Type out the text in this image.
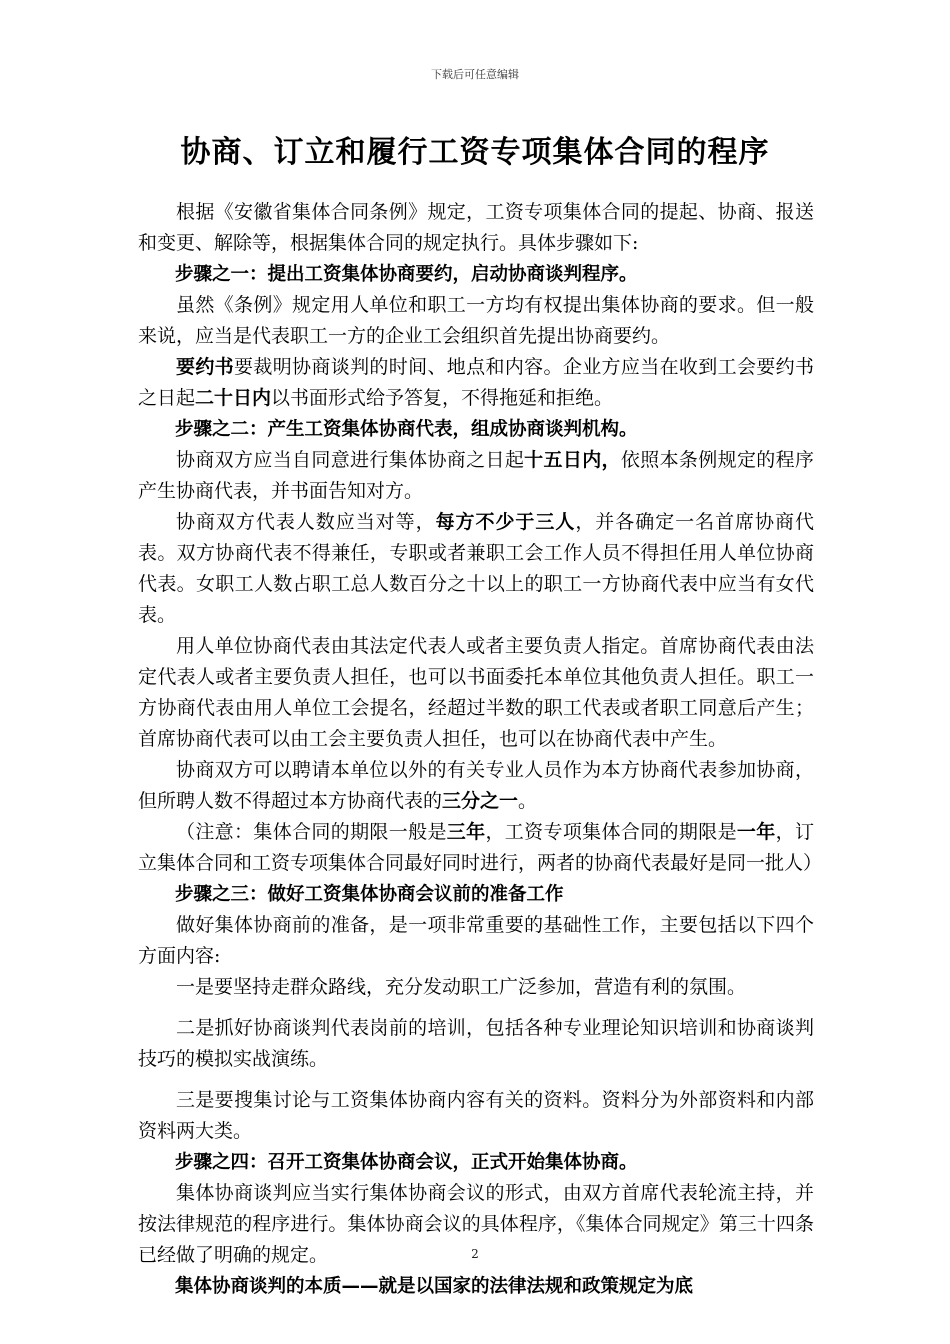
下载后可任意编辑
协商、订立和履行工资专项集体合同的程序

根据《安徽省集体合同条例》规定，工资专项集体合同的提起、协商、报送和变更、解除等，根据集体合同的规定执行。具体步骤如下:

步骤之一：提出工资集体协商要约，启动协商谈判程序。

虽然《条例》规定用人单位和职工一方均有权提出集体协商的要求。但一般来说，应当是代表职工一方的企业工会组织首先提出协商要约。

要约书要裁明协商谈判的时间、地点和内容。企业方应当在收到工会要约书之日起二十日内以书面形式给予答复，不得拖延和拒绝。

步骤之二：产生工资集体协商代表，组成协商谈判机构。

协商双方应当自同意进行集体协商之日起十五日内，依照本条例规定的程序产生协商代表，并书面告知对方。

协商双方代表人数应当对等，每方不少于三人，并各确定一名首席协商代表。双方协商代表不得兼任，专职或者兼职工会工作人员不得担任用人单位协商代表。女职工人数占职工总人数百分之十以上的职工一方协商代表中应当有女代表。

用人单位协商代表由其法定代表人或者主要负责人指定。首席协商代表由法定代表人或者主要负责人担任，也可以书面委托本单位其他负责人担任。职工一方协商代表由用人单位工会提名，经超过半数的职工代表或者职工同意后产生；首席协商代表可以由工会主要负责人担任，也可以在协商代表中产生。

协商双方可以聘请本单位以外的有关专业人员作为本方协商代表参加协商，但所聘人数不得超过本方协商代表的三分之一。

（注意：集体合同的期限一般是三年，工资专项集体合同的期限是一年，订立集体合同和工资专项集体合同最好同时进行，两者的协商代表最好是同一批人）

步骤之三：做好工资集体协商会议前的准备工作

做好集体协商前的准备，是一项非常重要的基础性工作，主要包括以下四个方面内容:

一是要坚持走群众路线，充分发动职工广泛参加，营造有利的氛围。

二是抓好协商谈判代表岗前的培训，包括各种专业理论知识培训和协商谈判技巧的模拟实战演练。

三是要搜集讨论与工资集体协商内容有关的资料。资料分为外部资料和内部资料两大类。

步骤之四：召开工资集体协商会议，正式开始集体协商。

集体协商谈判应当实行集体协商会议的形式，由双方首席代表轮流主持，并按法律规范的程序进行。集体协商会议的具体程序，《集体合同规定》第三十四条已经做了明确的规定。

集体协商谈判的本质——就是以国家的法律法规和政策规定为底

2
